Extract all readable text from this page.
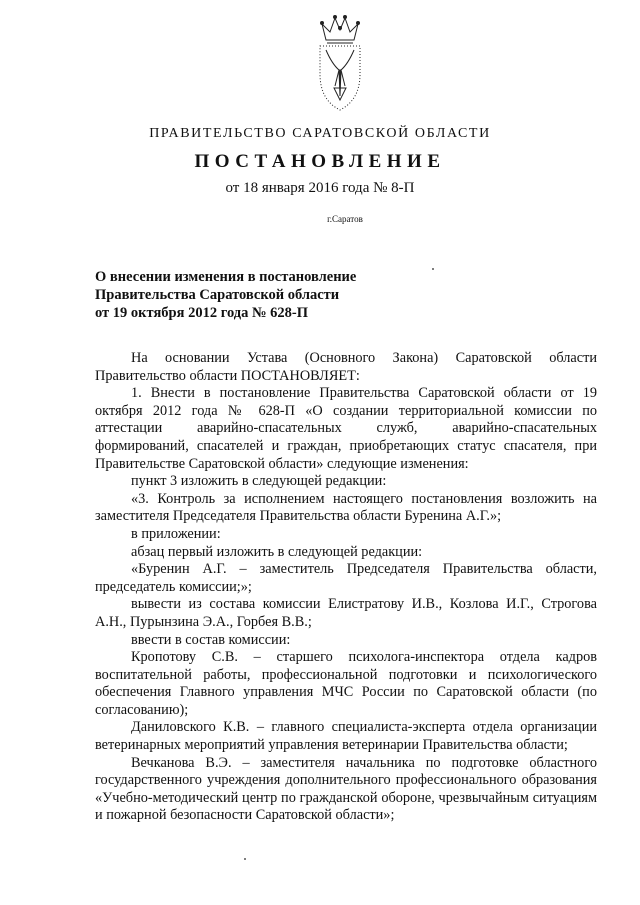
ПРАВИТЕЛЬСТВО САРАТОВСКОЙ ОБЛАСТИ
ПОСТАНОВЛЕНИЕ
от 18 января 2016 года № 8-П
г.Саратов
О внесении изменения в постановление
Правительства Саратовской области
от 19 октября 2012 года № 628-П

На основании Устава (Основного Закона) Саратовской области Правительство области ПОСТАНОВЛЯЕТ:

1. Внести в постановление Правительства Саратовской области от 19 октября 2012 года № 628-П «О создании территориальной комиссии по аттестации аварийно-спасательных служб, аварийно-спасательных формирований, спасателей и граждан, приобретающих статус спасателя, при Правительстве Саратовской области» следующие изменения:

пункт 3 изложить в следующей редакции:

«3. Контроль за исполнением настоящего постановления возложить на заместителя Председателя Правительства области Буренина А.Г.»;

в приложении:

абзац первый изложить в следующей редакции:

«Буренин А.Г. – заместитель Председателя Правительства области, председатель комиссии;»;

вывести из состава комиссии Елистратову И.В., Козлова И.Г., Строгова А.Н., Пурынзина Э.А., Горбея В.В.;

ввести в состав комиссии:

Кропотову С.В. – старшего психолога-инспектора отдела кадров воспитательной работы, профессиональной подготовки и психологического обеспечения Главного управления МЧС России по Саратовской области (по согласованию);

Даниловского К.В. – главного специалиста-эксперта отдела организации ветеринарных мероприятий управления ветеринарии Правительства области;

Вечканова В.Э. – заместителя начальника по подготовке областного государственного учреждения дополнительного профессионального образования «Учебно-методический центр по гражданской обороне, чрезвычайным ситуациям и пожарной безопасности Саратовской области»;
